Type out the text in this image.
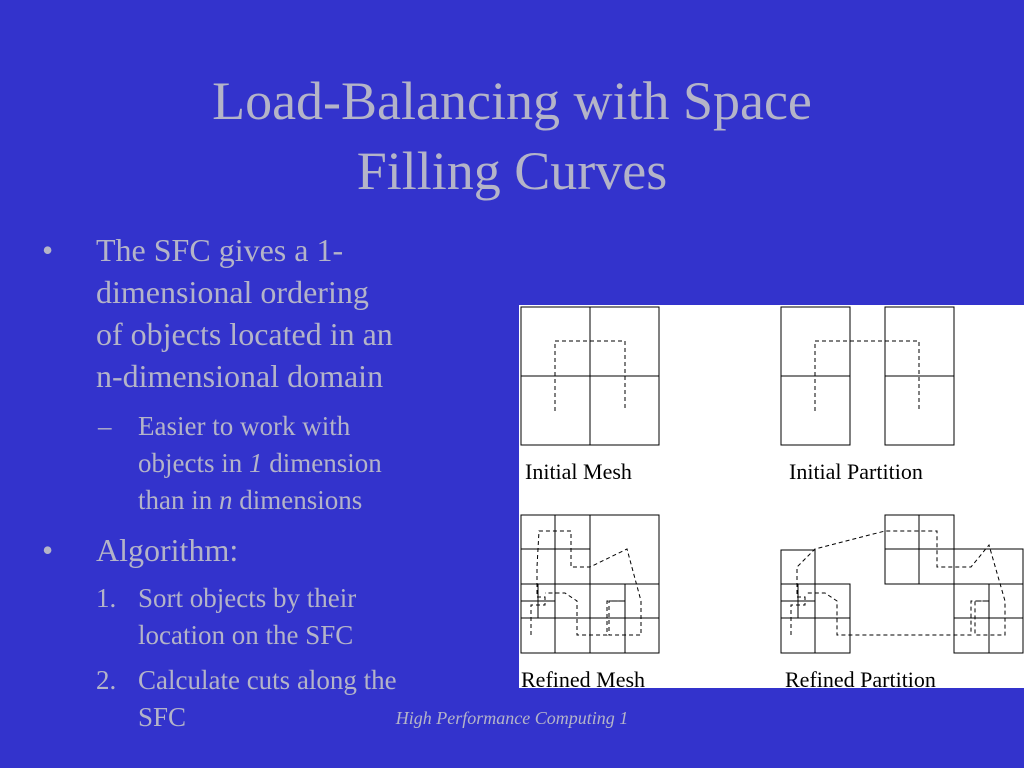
Load-Balancing with Space
Filling Curves
• The SFC gives a 1-
dimensional ordering
of objects located in an
n-dimensional domain
– Easier to work with
objects in 1 dimension
than in n dimensions
• Algorithm:
1. Sort objects by their
location on the SFC
2. Calculate cuts along the
SFC
Initial Mesh	Initial Partition
Refined Mesh	Refined Partition
High Performance Computing 1
